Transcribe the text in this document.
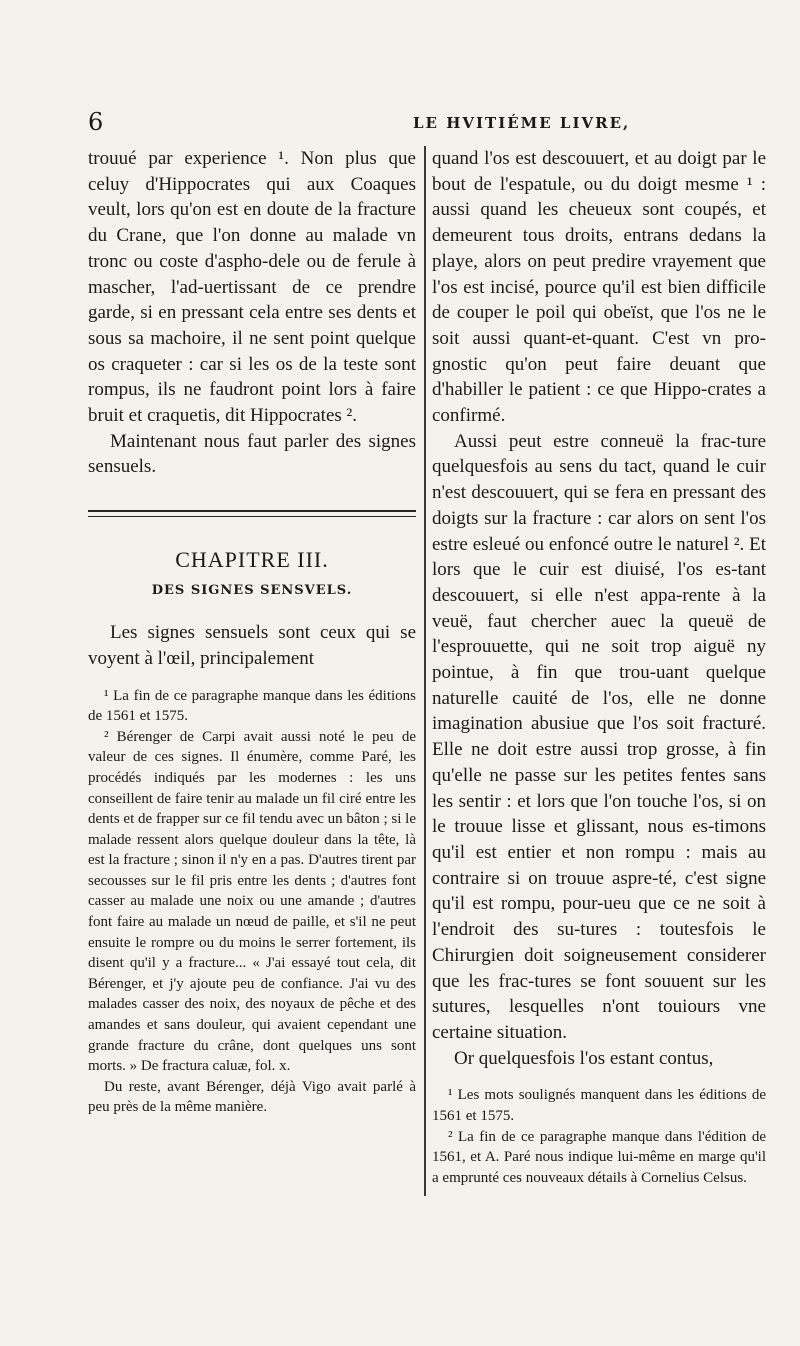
6	LE HVITIÉME LIVRE,

trouué par experience ¹. Non plus que celuy d'Hippocrates qui aux Coaques veult, lors qu'on est en doute de la fracture du Crane, que l'on donne au malade vn tronc ou coste d'aspho-dele ou de ferule à mascher, l'ad-uertissant de ce prendre garde, si en pressant cela entre ses dents et sous sa machoire, il ne sent point quelque os craqueter : car si les os de la teste sont rompus, ils ne faudront point lors à faire bruit et craquetis, dit Hippocrates ².

Maintenant nous faut parler des signes sensuels.

CHAPITRE III.
DES SIGNES SENSVELS.

Les signes sensuels sont ceux qui se voyent à l'œil, principalement

¹ La fin de ce paragraphe manque dans les éditions de 1561 et 1575.

² Bérenger de Carpi avait aussi noté le peu de valeur de ces signes. Il énumère, comme Paré, les procédés indiqués par les modernes : les uns conseillent de faire tenir au malade un fil ciré entre les dents et de frapper sur ce fil tendu avec un bâton ; si le malade ressent alors quelque douleur dans la tête, là est la fracture ; sinon il n'y en a pas. D'autres tirent par secousses sur le fil pris entre les dents ; d'autres font casser au malade une noix ou une amande ; d'autres font faire au malade un nœud de paille, et s'il ne peut ensuite le rompre ou du moins le serrer fortement, ils disent qu'il y a fracture... « J'ai essayé tout cela, dit Bérenger, et j'y ajoute peu de confiance. J'ai vu des malades casser des noix, des noyaux de pêche et des amandes et sans douleur, qui avaient cependant une grande fracture du crâne, dont quelques uns sont morts. » De fractura caluæ, fol. x.

Du reste, avant Bérenger, déjà Vigo avait parlé à peu près de la même manière.

quand l'os est descouuert, et au doigt par le bout de l'espatule, ou du doigt mesme ¹ : aussi quand les cheueux sont coupés, et demeurent tous droits, entrans dedans la playe, alors on peut predire vrayement que l'os est incisé, pource qu'il est bien difficile de couper le poil qui obeïst, que l'os ne le soit aussi quant-et-quant. C'est vn pro-gnostic qu'on peut faire deuant que d'habiller le patient : ce que Hippo-crates a confirmé.

Aussi peut estre conneuë la frac-ture quelquesfois au sens du tact, quand le cuir n'est descouuert, qui se fera en pressant des doigts sur la fracture : car alors on sent l'os estre esleué ou enfoncé outre le naturel ². Et lors que le cuir est diuisé, l'os es-tant descouuert, si elle n'est appa-rente à la veuë, faut chercher auec la queuë de l'esprouuette, qui ne soit trop aiguë ny pointue, à fin que trou-uant quelque naturelle cauité de l'os, elle ne donne imagination abusiue que l'os soit fracturé. Elle ne doit estre aussi trop grosse, à fin qu'elle ne passe sur les petites fentes sans les sentir : et lors que l'on touche l'os, si on le trouue lisse et glissant, nous es-timons qu'il est entier et non rompu : mais au contraire si on trouue aspre-té, c'est signe qu'il est rompu, pour-ueu que ce ne soit à l'endroit des su-tures : toutesfois le Chirurgien doit soigneusement considerer que les frac-tures se font souuent sur les sutures, lesquelles n'ont touiours vne certaine situation.

Or quelquesfois l'os estant contus,

¹ Les mots soulignés manquent dans les éditions de 1561 et 1575.

² La fin de ce paragraphe manque dans l'édition de 1561, et A. Paré nous indique lui-même en marge qu'il a emprunté ces nouveaux détails à Cornelius Celsus.
